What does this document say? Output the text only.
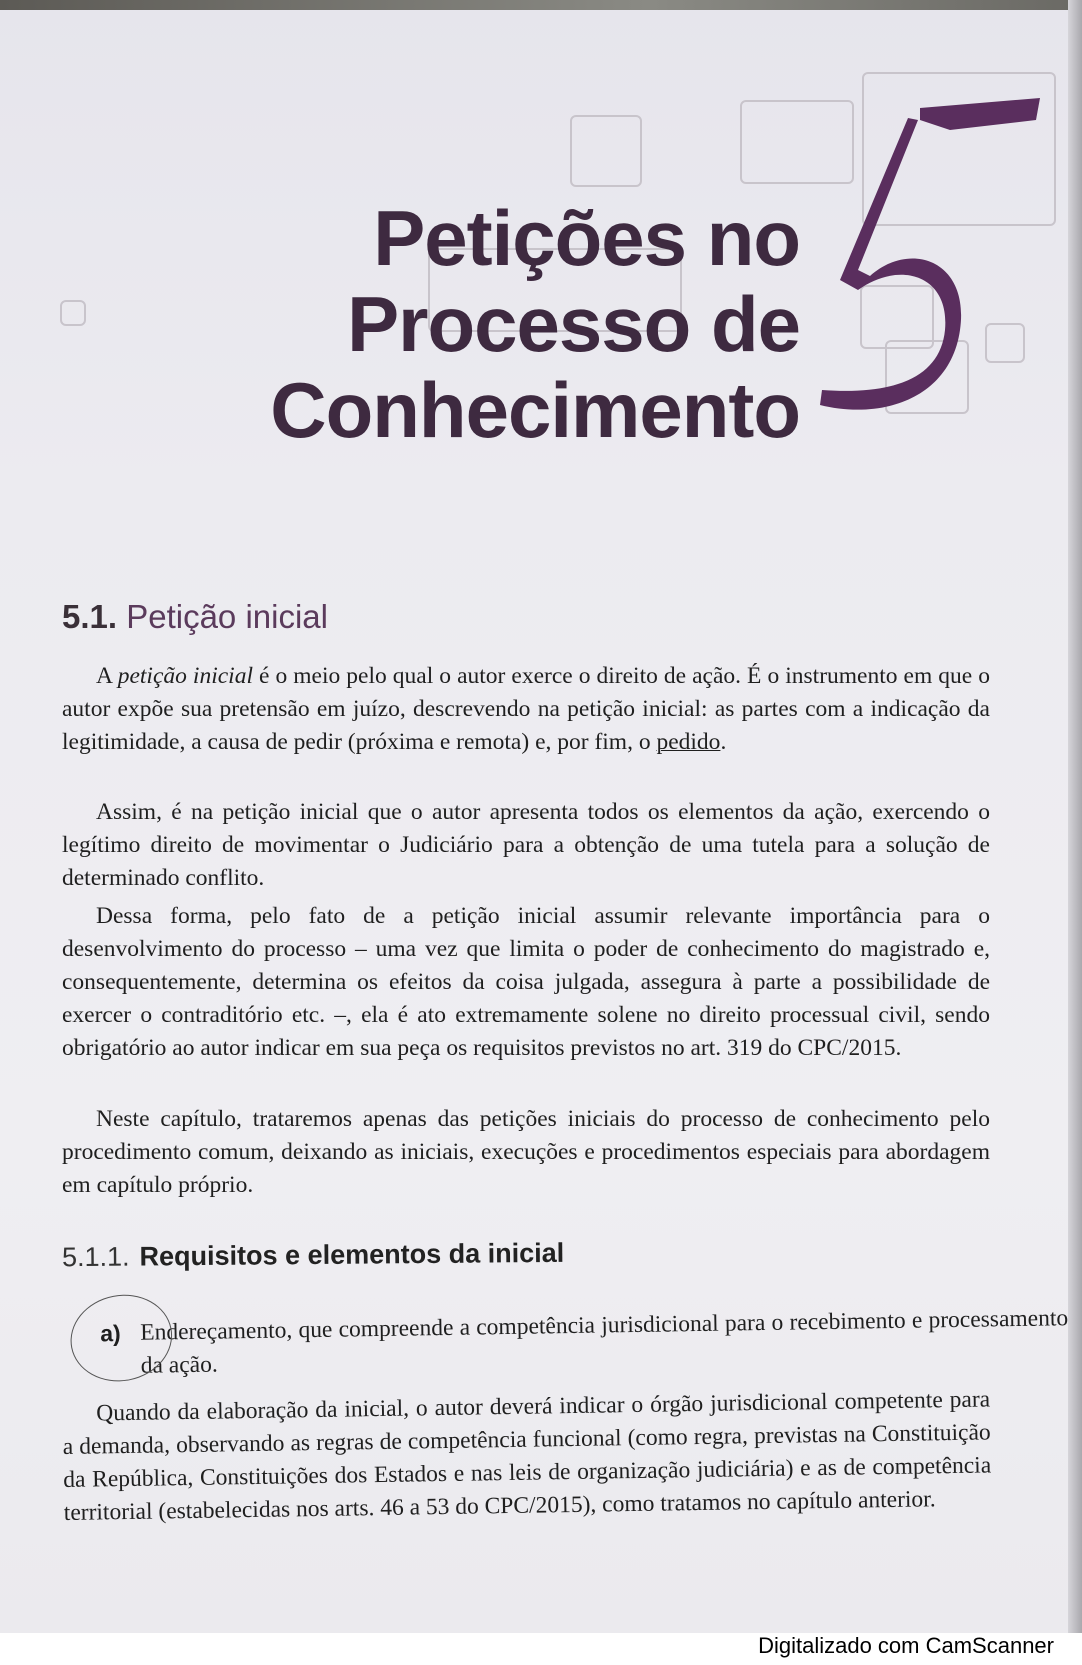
5
Petições no
Processo de
Conhecimento
5.1. Petição inicial

A petição inicial é o meio pelo qual o autor exerce o direito de ação. É o instrumento em que o autor expõe sua pretensão em juízo, descrevendo na petição inicial: as partes com a indicação da legitimidade, a causa de pedir (próxima e remota) e, por fim, o pedido.

Assim, é na petição inicial que o autor apresenta todos os elementos da ação, exercendo o legítimo direito de movimentar o Judiciário para a obtenção de uma tutela para a solução de determinado conflito.

Dessa forma, pelo fato de a petição inicial assumir relevante importância para o desenvolvimento do processo – uma vez que limita o poder de conhecimento do magistrado e, consequentemente, determina os efeitos da coisa julgada, assegura à parte a possibilidade de exercer o contraditório etc. –, ela é ato extremamente solene no direito processual civil, sendo obrigatório ao autor indicar em sua peça os requisitos previstos no art. 319 do CPC/2015.

Neste capítulo, trataremos apenas das petições iniciais do processo de conhecimento pelo procedimento comum, deixando as iniciais, execuções e procedimentos especiais para abordagem em capítulo próprio.

5.1.1. Requisitos e elementos da inicial
a) Endereçamento, que compreende a competência jurisdicional para o recebimento e processamento da ação.

Quando da elaboração da inicial, o autor deverá indicar o órgão jurisdicional competente para a demanda, observando as regras de competência funcional (como regra, previstas na Constituição da República, Constituições dos Estados e nas leis de organização judiciária) e as de competência territorial (estabelecidas nos arts. 46 a 53 do CPC/2015), como tratamos no capítulo anterior.

Digitalizado com CamScanner
